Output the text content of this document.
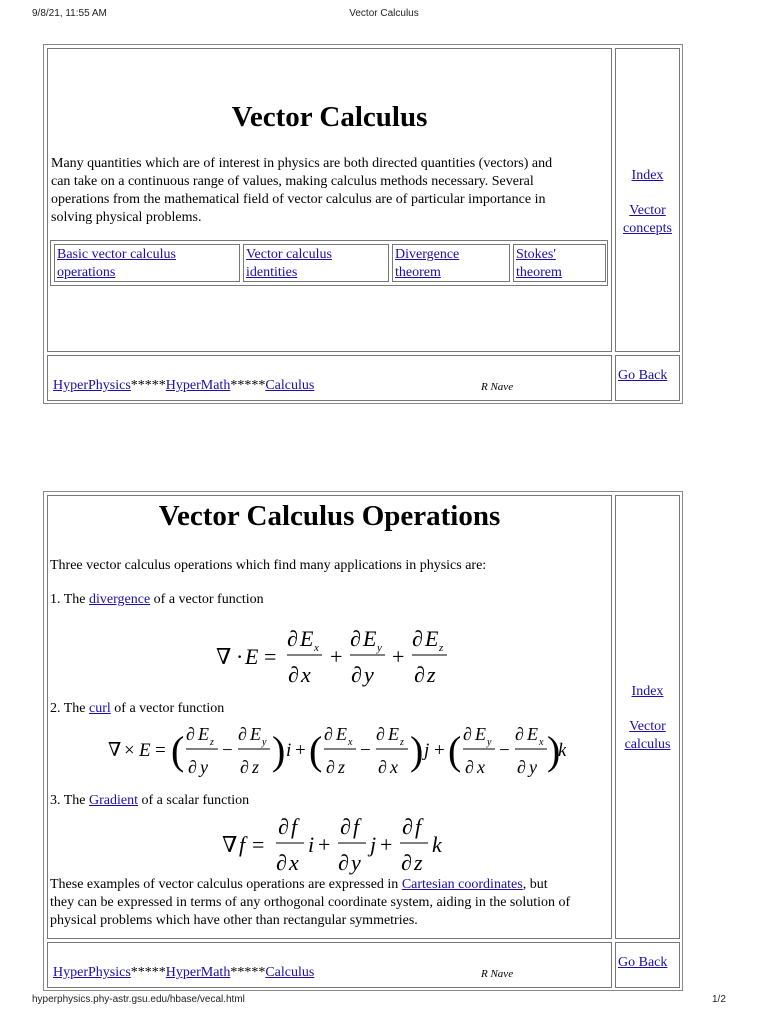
9/8/21, 11:55 AM	Vector Calculus
Vector Calculus
Many quantities which are of interest in physics are both directed quantities (vectors) and
can take on a continuous range of values, making calculus methods necessary. Several
operations from the mathematical field of vector calculus are of particular importance in
solving physical problems.
Basic vector calculus
operations
Vector calculus
identities
Divergence
theorem
Stokes'
theorem
Index
Vector
concepts
HyperPhysics*****HyperMath*****Calculus	R Nave
Go Back
Vector Calculus Operations
Three vector calculus operations which find many applications in physics are:
1. The divergence of a vector function
∇ · E =
∂ E x
∂ x
+
∂ E y
∂ y
+
∂ E z
∂ z
2. The curl of a vector function
∇ × E = ( ∂ E z
∂ y
−
∂ E y
∂ z ) i + ( ∂ E x
∂ z
−
∂ E z
∂ x ) j + ( ∂ E y
∂ x
−
∂ E x
∂ y )
k
3. The Gradient of a scalar function
∇ f =
∂ f
∂ x
i +
∂ f
∂ y
j +
∂ f
∂ z
k
These examples of vector calculus operations are expressed in Cartesian coordinates, but
they can be expressed in terms of any orthogonal coordinate system, aiding in the solution of
physical problems which have other than rectangular symmetries.
Index
Vector
calculus
HyperPhysics*****HyperMath*****Calculus	R Nave
Go Back
hyperphysics.phy-astr.gsu.edu/hbase/vecal.html	1/2
